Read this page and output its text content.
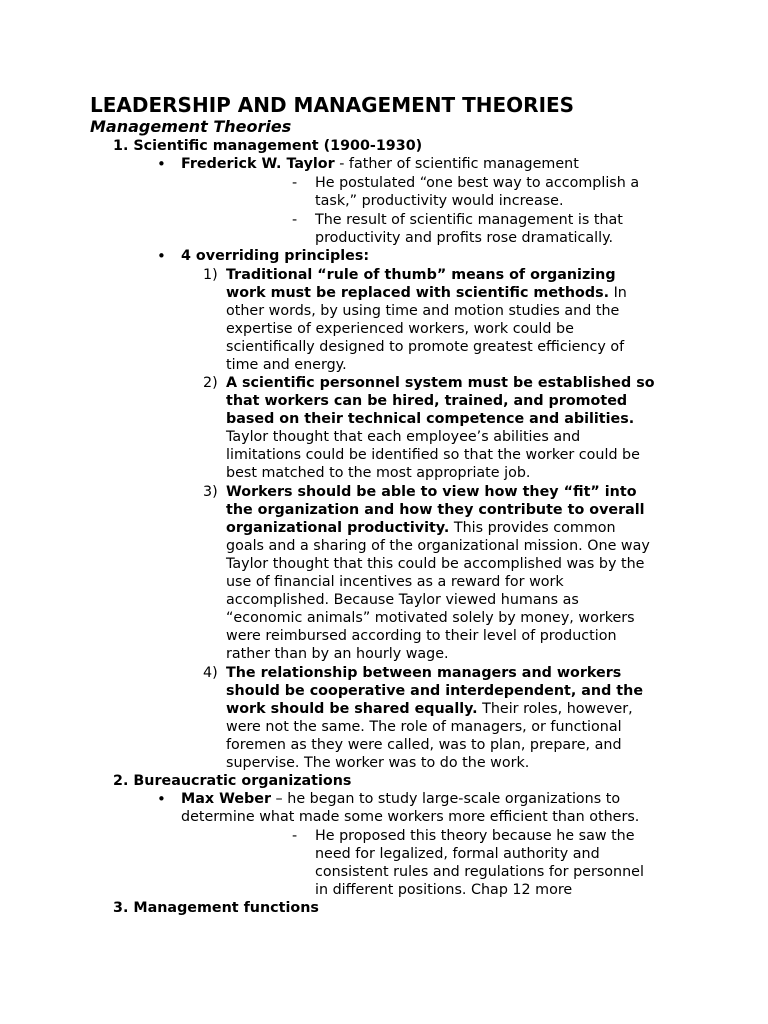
LEADERSHIP AND MANAGEMENT THEORIES
Management Theories
1. Scientific management (1900-1930)
• Frederick W. Taylor - father of scientific management
- He postulated “one best way to accomplish a
task,” productivity would increase.
- The result of scientific management is that
productivity and profits rose dramatically.
• 4 overriding principles:
1) Traditional “rule of thumb” means of organizing
work must be replaced with scientific methods. In
other words, by using time and motion studies and the
expertise of experienced workers, work could be
scientifically designed to promote greatest efficiency of
time and energy.
2) A scientific personnel system must be established so
that workers can be hired, trained, and promoted
based on their technical competence and abilities.
Taylor thought that each employee’s abilities and
limitations could be identified so that the worker could be
best matched to the most appropriate job.
3) Workers should be able to view how they “fit” into
the organization and how they contribute to overall
organizational productivity. This provides common
goals and a sharing of the organizational mission. One way
Taylor thought that this could be accomplished was by the
use of financial incentives as a reward for work
accomplished. Because Taylor viewed humans as
“economic animals” motivated solely by money, workers
were reimbursed according to their level of production
rather than by an hourly wage.
4) The relationship between managers and workers
should be cooperative and interdependent, and the
work should be shared equally. Their roles, however,
were not the same. The role of managers, or functional
foremen as they were called, was to plan, prepare, and
supervise. The worker was to do the work.
2. Bureaucratic organizations
• Max Weber – he began to study large-scale organizations to
determine what made some workers more efficient than others.
- He proposed this theory because he saw the
need for legalized, formal authority and
consistent rules and regulations for personnel
in different positions. Chap 12 more
3. Management functions
